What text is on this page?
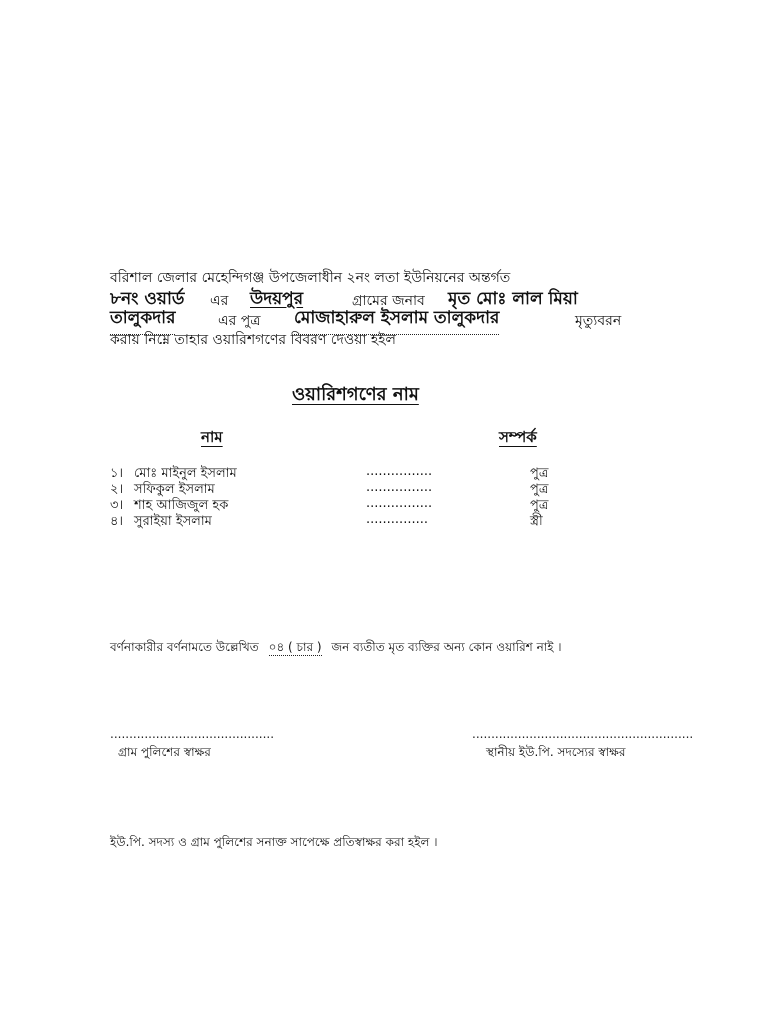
বরিশাল জেলার মেহেন্দিগঞ্জ উপজেলাধীন ২নং লতা ইউনিয়নের অন্তর্গত
৮নং ওয়ার্ড এর উদয়পুর	গ্রামের জনাব মৃত মোঃ লাল মিয়া
তালুকদার	এর পুত্র মোজাহারুল ইসলাম তালুকদার	মৃত্যুবরন
করায় নিম্নে তাহার ওয়ারিশগণের বিবরণ দেওয়া হইল
ওয়ারিশগণের নাম
নাম	সম্পর্ক
১। মোঃ মাইনুল ইসলাম	................	পুত্র
২। সফিকুল ইসলাম	................	পুত্র
৩। শাহ আজিজুল হক	................	পুত্র
৪। সুরাইয়া ইসলাম	...............	স্ত্রী
বর্ণনাকারীর বর্ণনামতে উল্লেখিত ০৪ ( চার ) জন ব্যতীত মৃত ব্যক্তির অন্য কোন ওয়ারিশ নাই ।
...........................................
গ্রাম পুলিশের স্বাক্ষর
..........................................................
স্থানীয় ইউ.পি. সদস্যের স্বাক্ষর
ইউ.পি. সদস্য ও গ্রাম পুলিশের সনাক্ত সাপেক্ষে প্রতিস্বাক্ষর করা হইল ।
